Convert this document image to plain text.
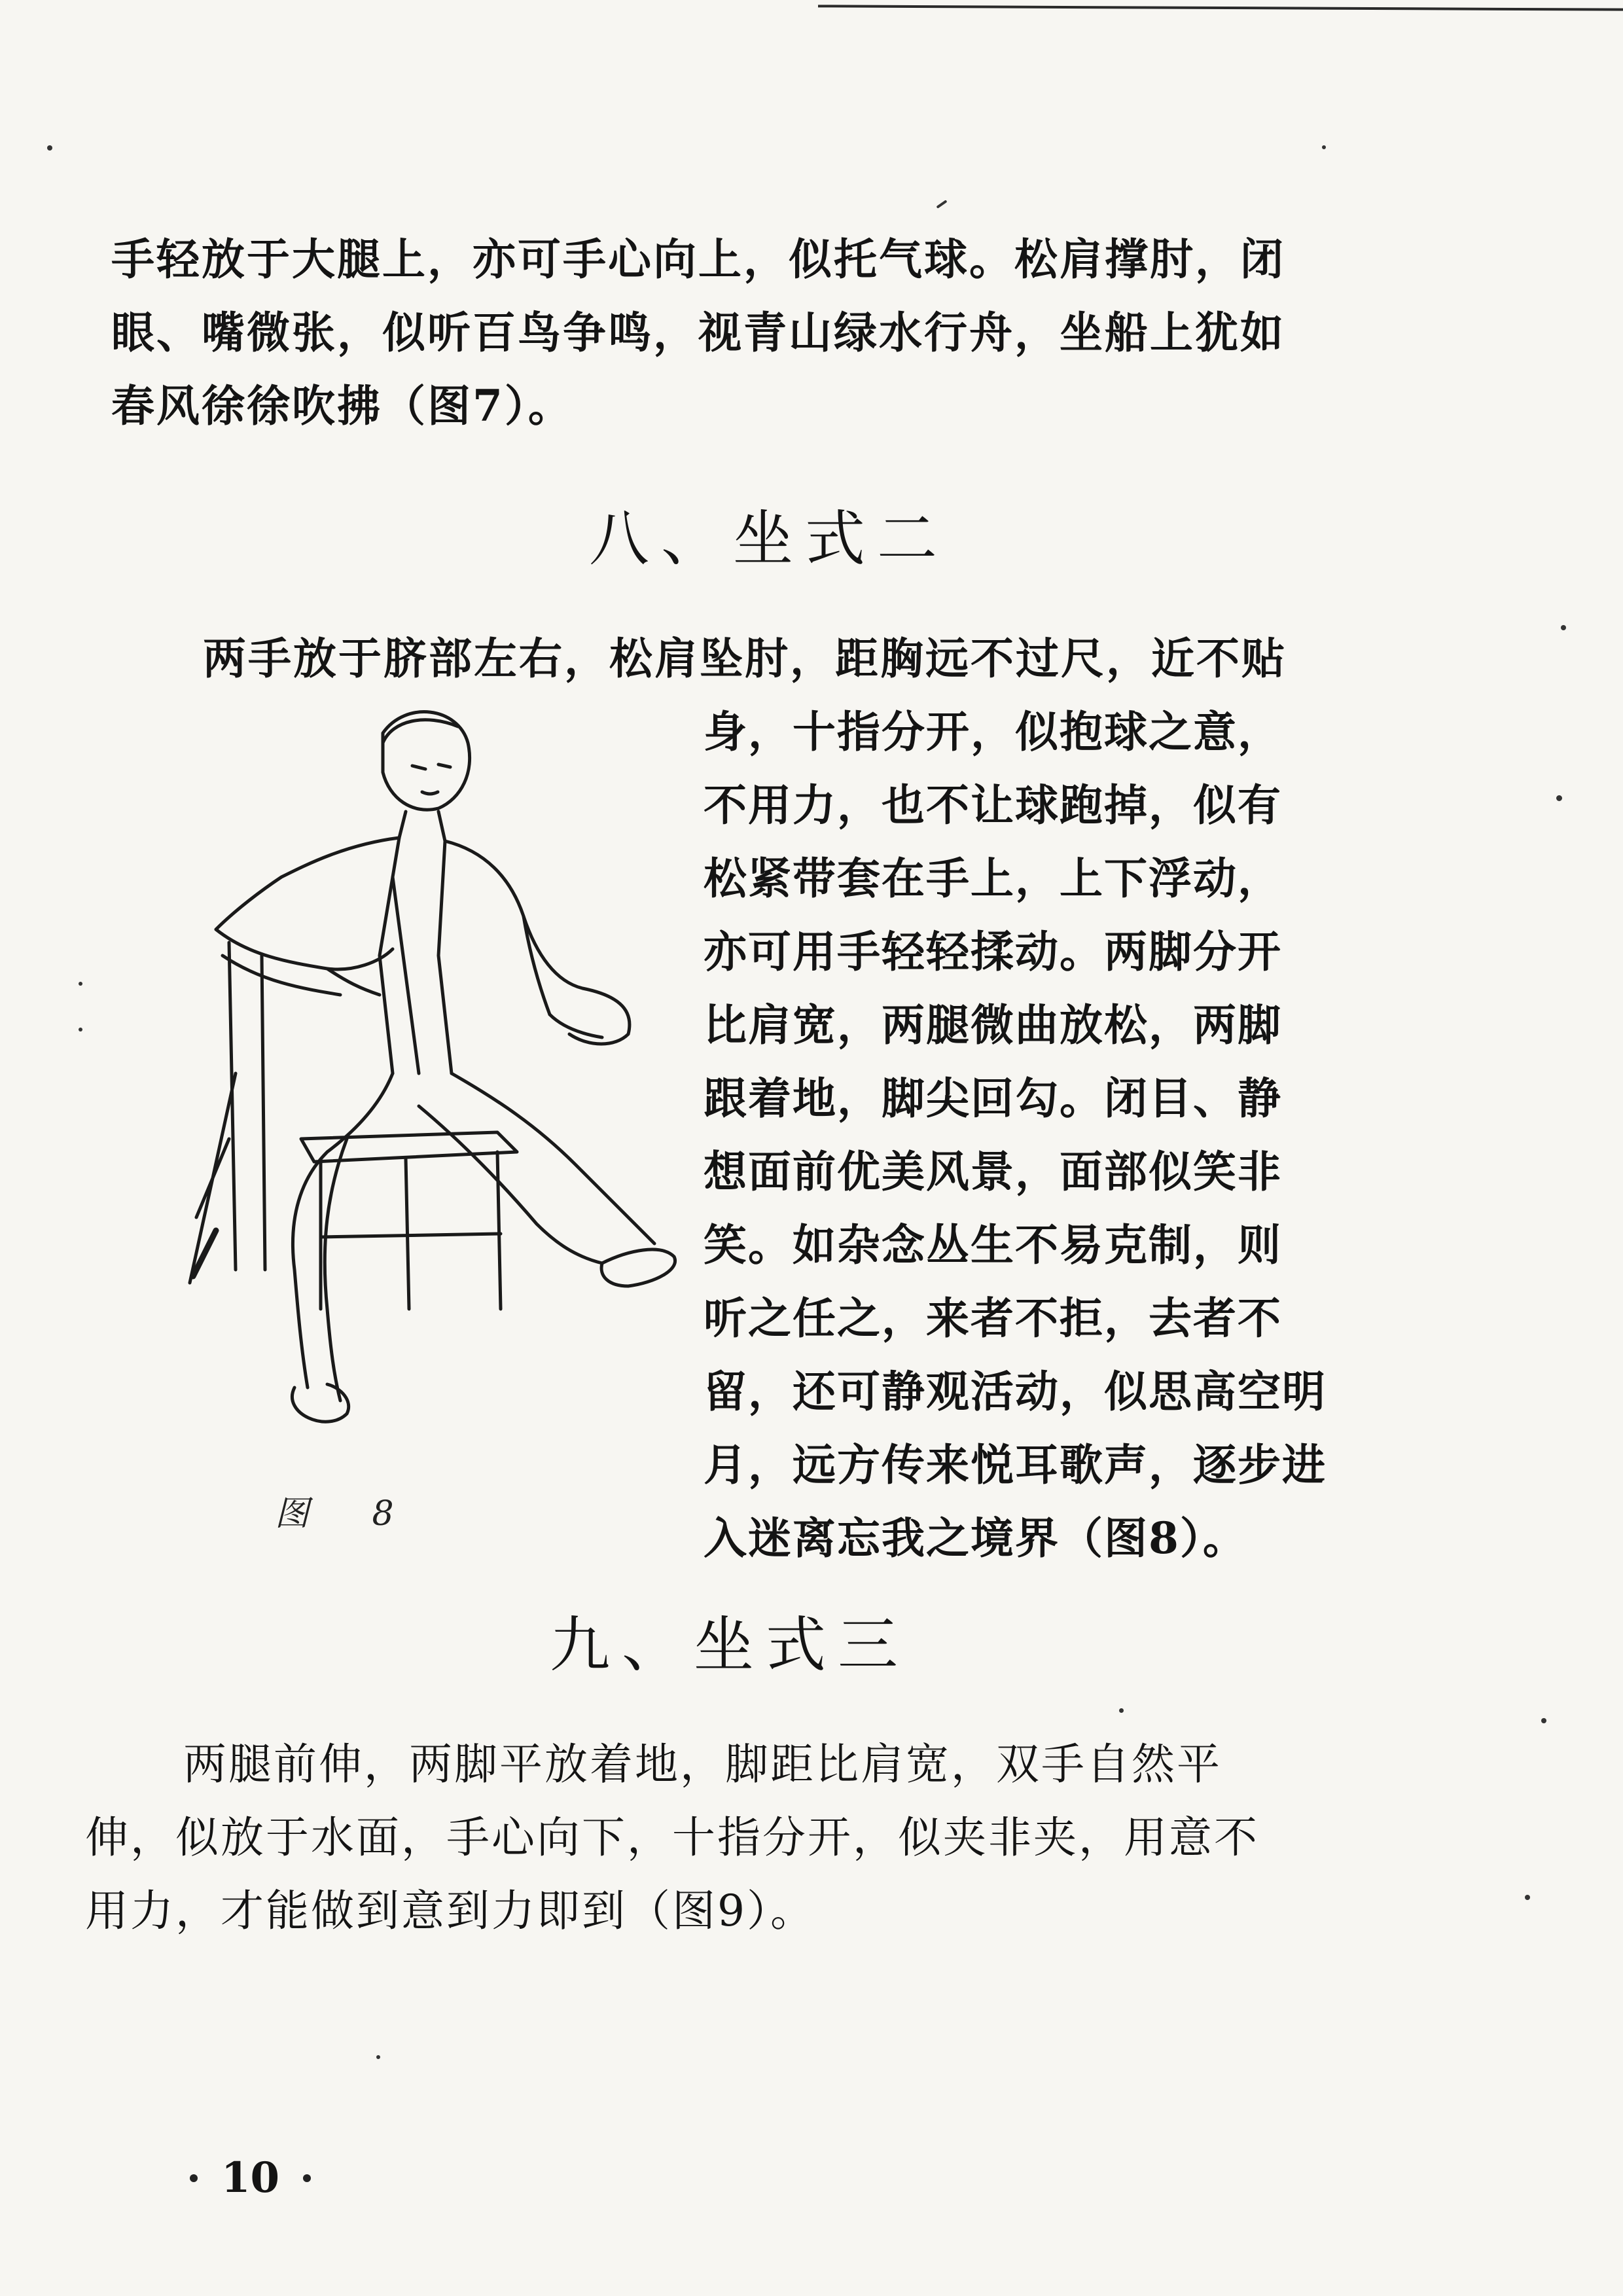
手轻放于大腿上，亦可手心向上，似托气球。松肩撑肘，闭
眼、嘴微张，似听百鸟争鸣，视青山绿水行舟，坐船上犹如
春风徐徐吹拂（图7）。
八、坐式二
两手放于脐部左右，松肩坠肘，距胸远不过尺，近不贴
身，十指分开，似抱球之意，
不用力，也不让球跑掉，似有
松紧带套在手上，上下浮动，
亦可用手轻轻揉动。两脚分开
比肩宽，两腿微曲放松，两脚
跟着地，脚尖回勾。闭目、静
想面前优美风景，面部似笑非
笑。如杂念丛生不易克制，则
听之任之，来者不拒，去者不
留，还可静观活动，似思高空明
月，远方传来悦耳歌声，逐步进
入迷离忘我之境界（图8）。
图 8
九、坐式三
两腿前伸，两脚平放着地，脚距比肩宽，双手自然平
伸，似放于水面，手心向下，十指分开，似夹非夹，用意不
用力，才能做到意到力即到（图9）。
10
